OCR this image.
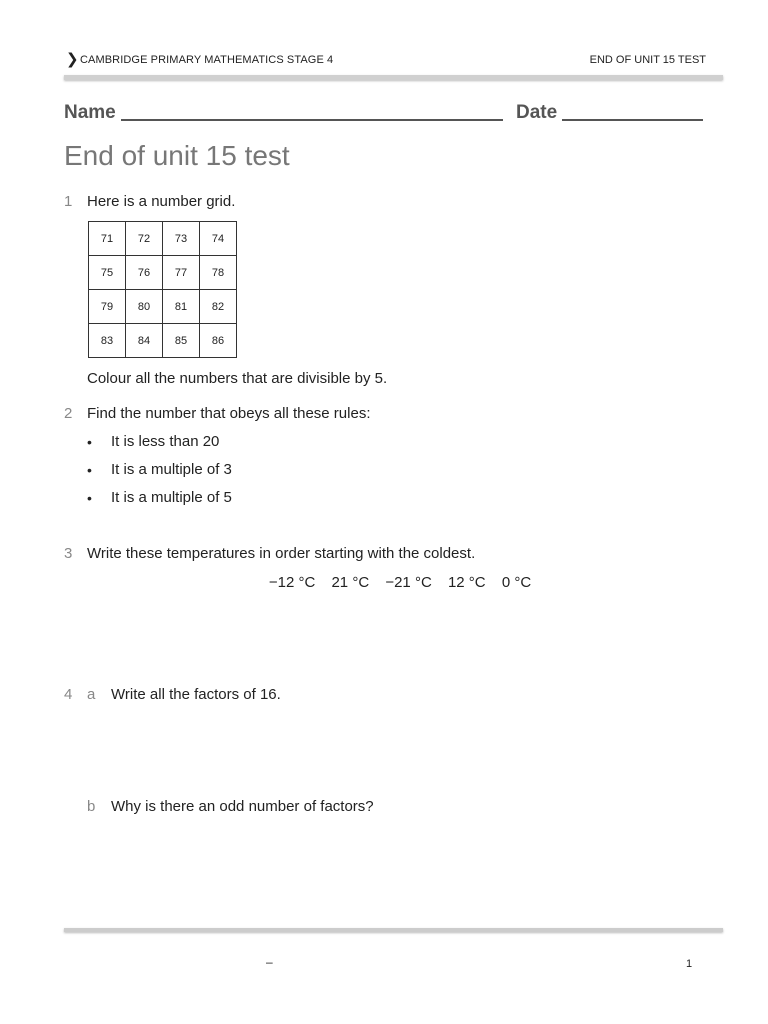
❯ CAMBRIDGE PRIMARY MATHEMATICS STAGE 4	END OF UNIT 15 TEST
Name	Date
End of unit 15 test
1 Here is a number grid.
71	72	73	74
75	76	77	78
79	80	81	82
83	84	85	86
Colour all the numbers that are divisible by 5.
2 Find the number that obeys all these rules:
• It is less than 20
• It is a multiple of 3
• It is a multiple of 5
3 Write these temperatures in order starting with the coldest.
−12 °C 21 °C −21 °C 12 °C 0 °C
4 a Write all the factors of 16.
b Why is there an odd number of factors?
–	1
